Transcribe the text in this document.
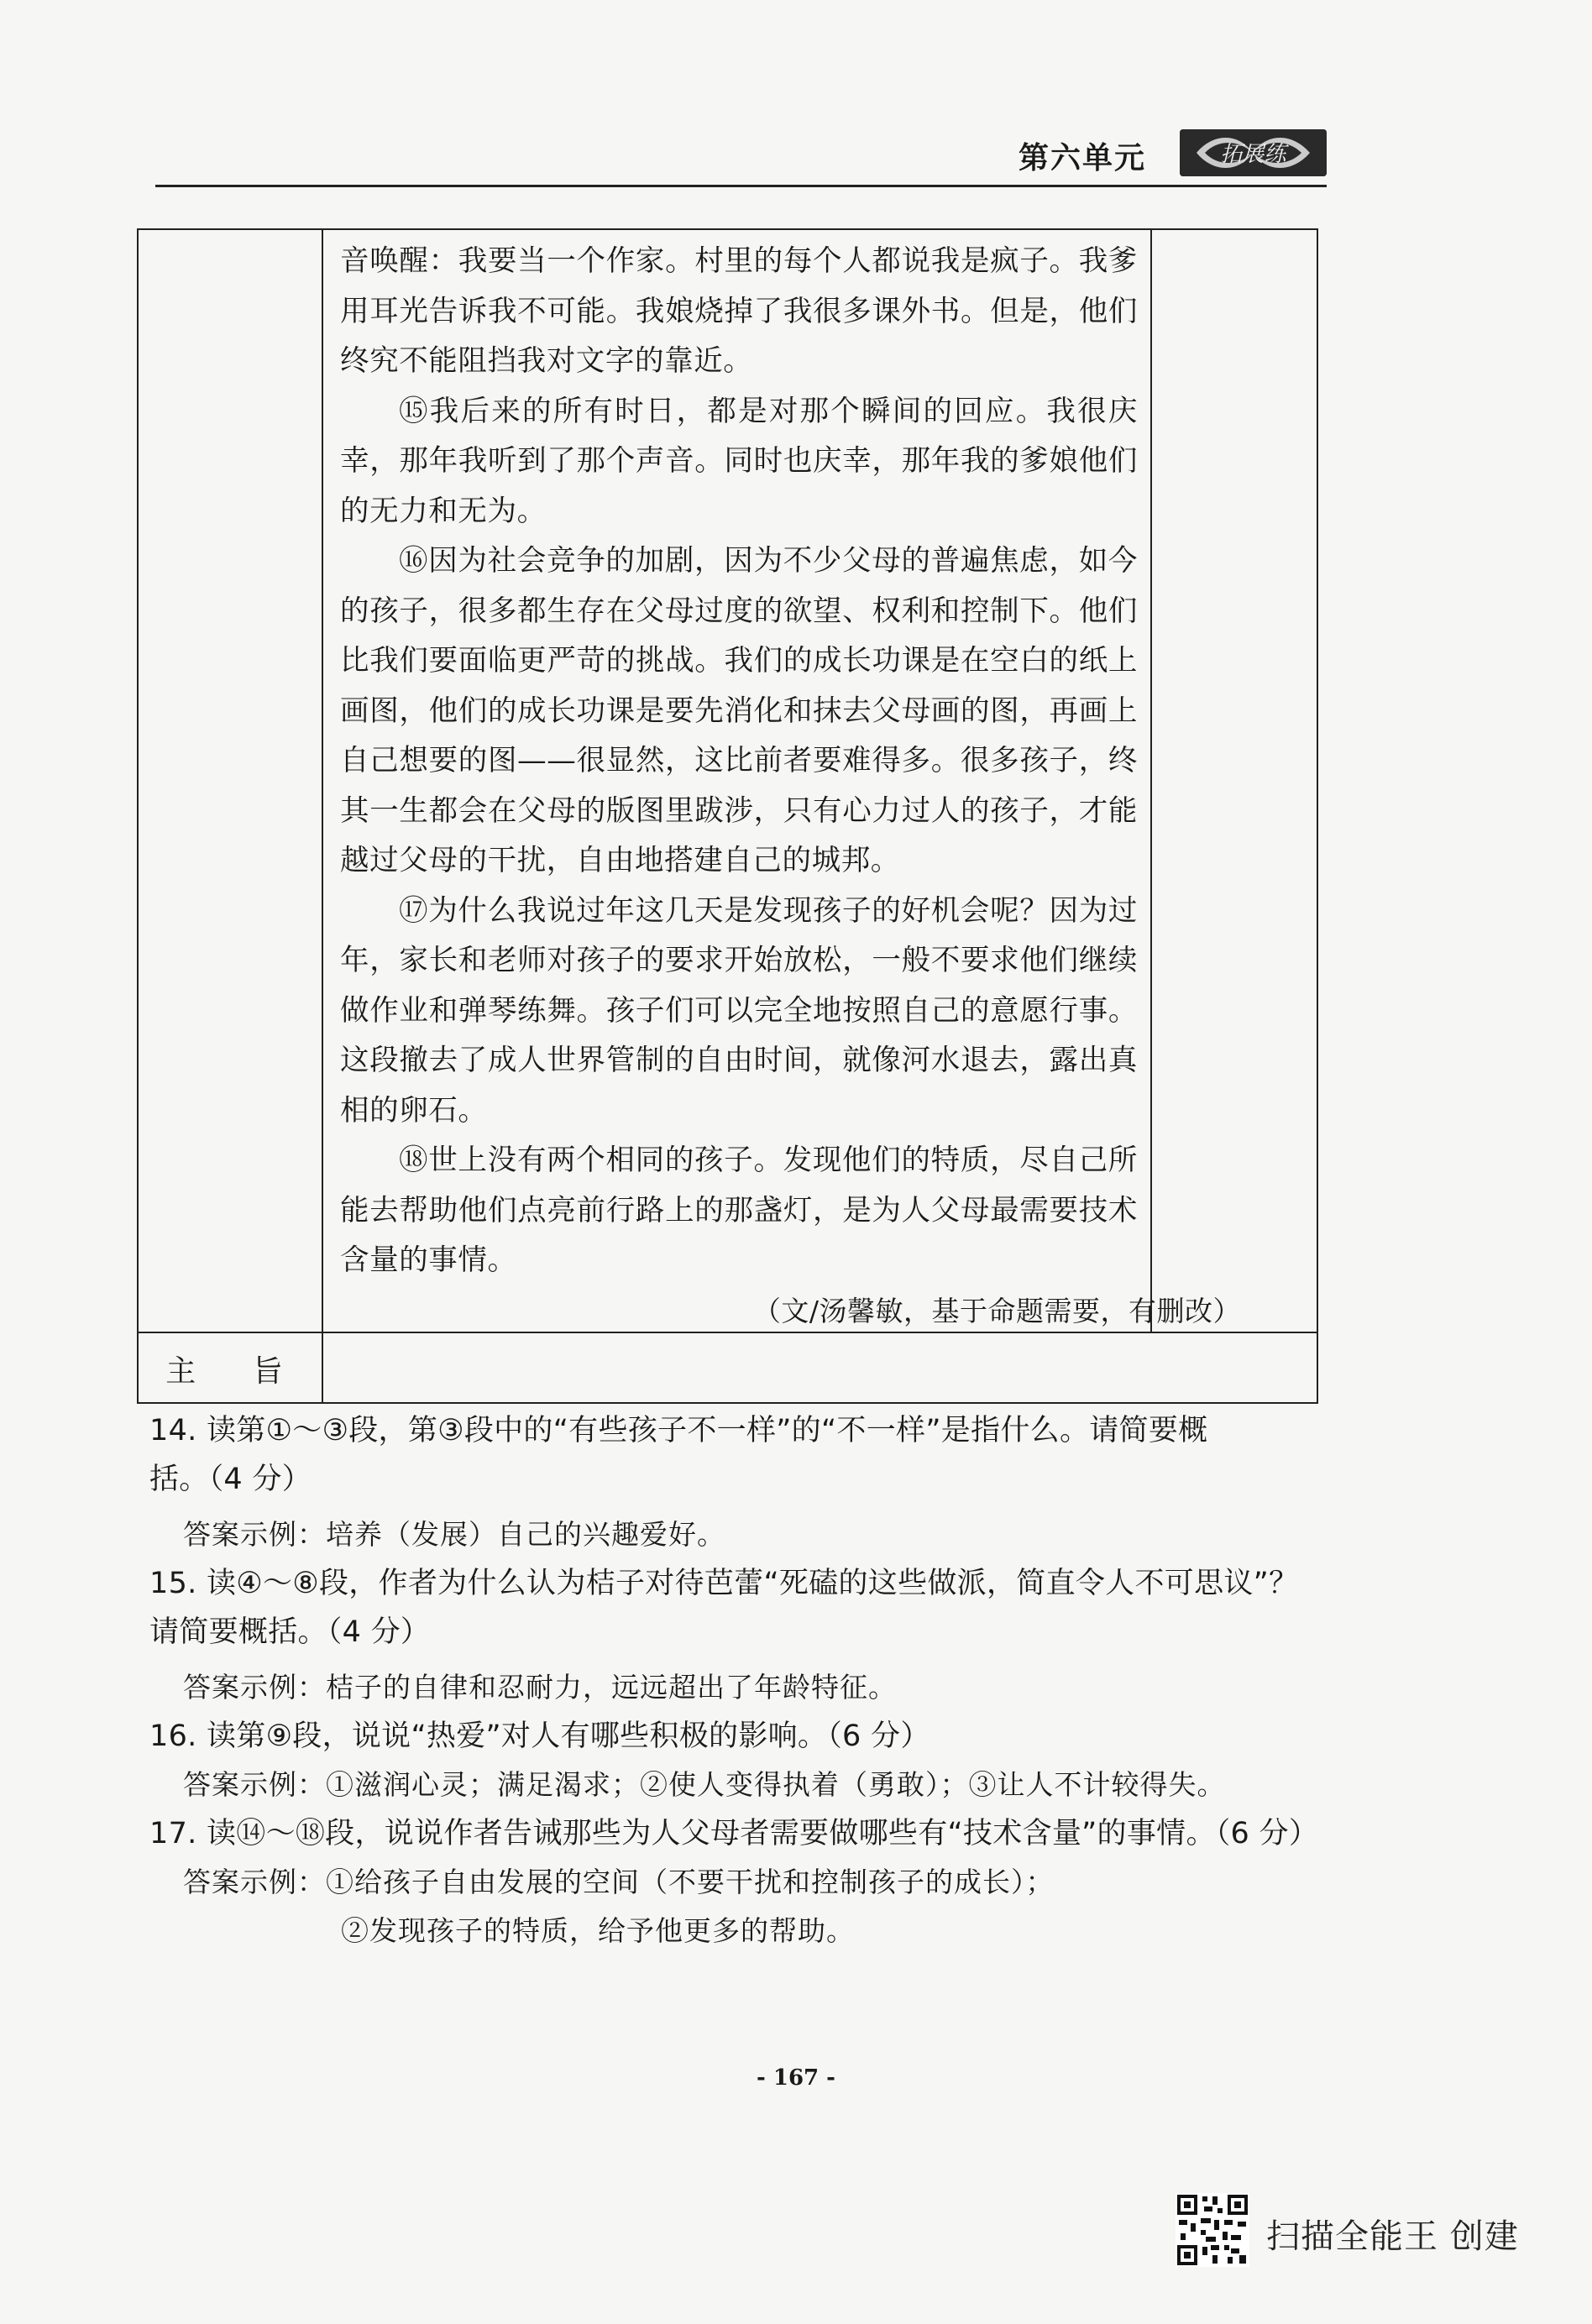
第六单元	拓展练

音唤醒：我要当一个作家。村里的每个人都说我是疯子。我爹用耳光告诉我不可能。我娘烧掉了我很多课外书。但是，他们终究不能阻挡我对文字的靠近。

⑮我后来的所有时日，都是对那个瞬间的回应。我很庆幸，那年我听到了那个声音。同时也庆幸，那年我的爹娘他们的无力和无为。

⑯因为社会竞争的加剧，因为不少父母的普遍焦虑，如今的孩子，很多都生存在父母过度的欲望、权利和控制下。他们比我们要面临更严苛的挑战。我们的成长功课是在空白的纸上画图，他们的成长功课是要先消化和抹去父母画的图，再画上自己想要的图——很显然，这比前者要难得多。很多孩子，终其一生都会在父母的版图里跋涉，只有心力过人的孩子，才能越过父母的干扰，自由地搭建自己的城邦。

⑰为什么我说过年这几天是发现孩子的好机会呢？因为过年，家长和老师对孩子的要求开始放松，一般不要求他们继续做作业和弹琴练舞。孩子们可以完全地按照自己的意愿行事。这段撤去了成人世界管制的自由时间，就像河水退去，露出真相的卵石。

⑱世上没有两个相同的孩子。发现他们的特质，尽自己所能去帮助他们点亮前行路上的那盏灯，是为人父母最需要技术含量的事情。

（文/汤馨敏，基于命题需要，有删改）
主 旨

14. 读第①～③段，第③段中的“有些孩子不一样”的“不一样”是指什么。请简要概

括。（4 分）

答案示例：培养（发展）自己的兴趣爱好。

15. 读④～⑧段，作者为什么认为桔子对待芭蕾“死磕的这些做派，简直令人不可思议”？

请简要概括。（4 分）

答案示例：桔子的自律和忍耐力，远远超出了年龄特征。

16. 读第⑨段，说说“热爱”对人有哪些积极的影响。（6 分）

答案示例：①滋润心灵；满足渴求；②使人变得执着（勇敢）；③让人不计较得失。

17. 读⑭～⑱段，说说作者告诫那些为人父母者需要做哪些有“技术含量”的事情。（6 分）

答案示例：①给孩子自由发展的空间（不要干扰和控制孩子的成长）；

②发现孩子的特质，给予他更多的帮助。

- 167 -
扫描全能王 创建
